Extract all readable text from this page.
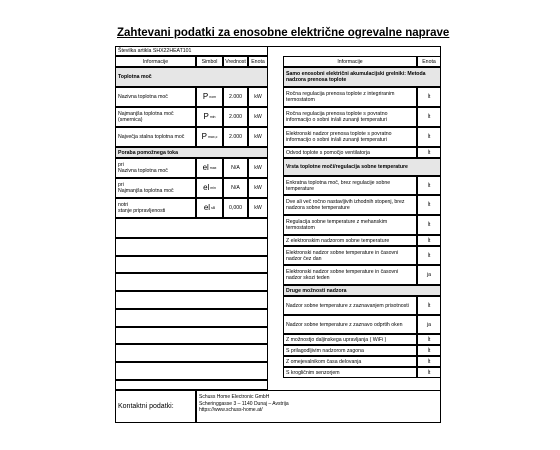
Zahtevani podatki za enosobne električne ogrevalne naprave
Številka artikla SHX22HEAT101
Informacije	Simbol	Vrednost	Enota
Toplotna moč
Nazivna toplotna moč	P nom	2.000	kW
Najmanjša toplotna moč (smernica)	P min	2.000	kW
Največja stalna toplotna moč	P max,c	2.000	kW
Poraba pomožnega toka
pri
Nazivna toplotna moč	el max	N/A	kW
pri
Najmanjša toplotna moč	el min	N/A	kW
notri
stanje pripravljenosti	el sB	0,000	kW
Informacije	Enota
Samo enosobni električni akumulacijski grelniki: Metoda nadzora prenosa toplote
Ročna regulacija prenosa toplote z integriranim termostatom	ĺt
Ročna regulacija prenosa toplote s povratno informacijo o sobni in/ali zunanji temperaturi	ĺt
Elektronski nadzor prenosa toplote s povratno informacijo o sobni in/ali zunanji temperaturi	ĺt
Odvod toplote s pomočjo ventilatorja	ĺt
Vrsta toplotne moči/regulacija sobne temperature
Enkratna toplotna moč, brez regulacije sobne temperature	ĺt
Dve ali več ročno nastavljivih izhodnih stopenj, brez nadzora sobne temperature	ĺt
Regulacija sobne temperature z mehanskim termostatom	ĺt
Z elektronskim nadzorom sobne temperature	ĺt
Elektronski nadzor sobne temperature in časovni nadzor čez dan	ĺt
Elektronski nadzor sobne temperature in časovni nadzor skozi teden	ja
Druge možnosti nadzora
Nadzor sobne temperature z zaznavanjem prisotnosti	ĺt
Nadzor sobne temperature z zaznavo odprtih oken	ja
Z možnostjo daljinskega upravljanja ( WiFi )	ĺt
S prilagodljivim nadzorom zagona	ĺt
Z omejevalnikom časa delovanja	ĺt
S krogličnim senzorjem	ĺt
Kontaktni podatki:
Schuss Home Electronic GmbH
Scheringgasse 3 – 1140 Dunaj – Avstrija
https://www.schuss-home.at/
